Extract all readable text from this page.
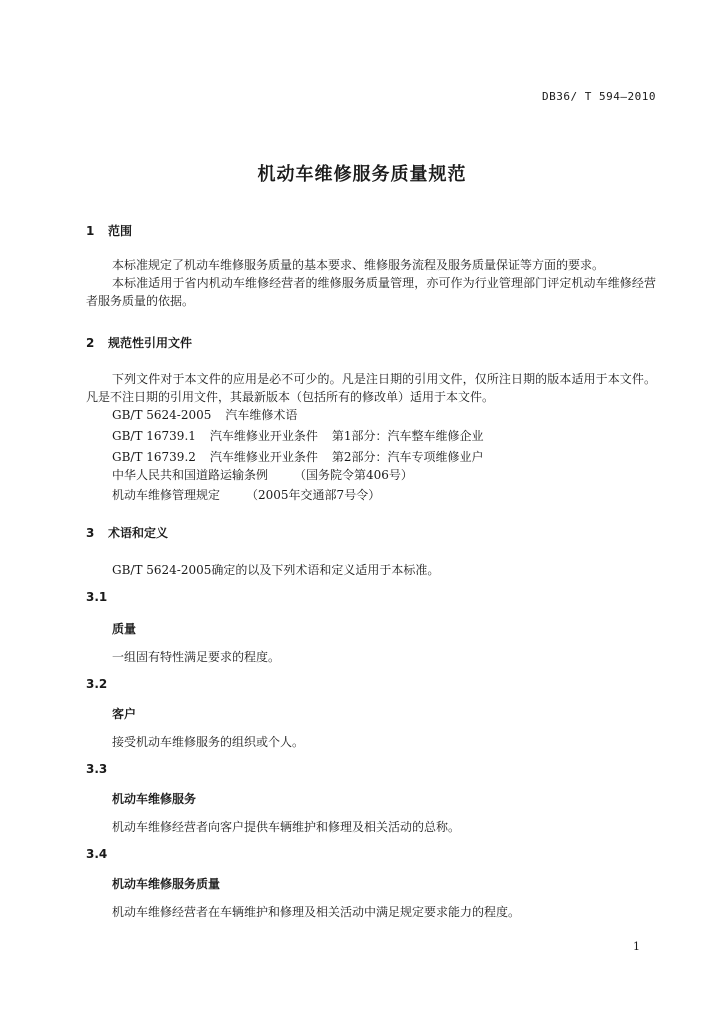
DB36/ T 594—2010
机动车维修服务质量规范
1 范围
本标准规定了机动车维修服务质量的基本要求、维修服务流程及服务质量保证等方面的要求。
本标准适用于省内机动车维修经营者的维修服务质量管理，亦可作为行业管理部门评定机动车维修经营者服务质量的依据。
2 规范性引用文件
下列文件对于本文件的应用是必不可少的。凡是注日期的引用文件，仅所注日期的版本适用于本文件。凡是不注日期的引用文件，其最新版本（包括所有的修改单）适用于本文件。
GB/T 5624-2005 汽车维修术语
GB/T 16739.1 汽车维修业开业条件 第1部分：汽车整车维修企业
GB/T 16739.2 汽车维修业开业条件 第2部分：汽车专项维修业户
中华人民共和国道路运输条例 （国务院令第406号）
机动车维修管理规定 （2005年交通部7号令）
3 术语和定义
GB/T 5624-2005确定的以及下列术语和定义适用于本标准。
3.1
质量
一组固有特性满足要求的程度。
3.2
客户
接受机动车维修服务的组织或个人。
3.3
机动车维修服务
机动车维修经营者向客户提供车辆维护和修理及相关活动的总称。
3.4
机动车维修服务质量
机动车维修经营者在车辆维护和修理及相关活动中满足规定要求能力的程度。
1
